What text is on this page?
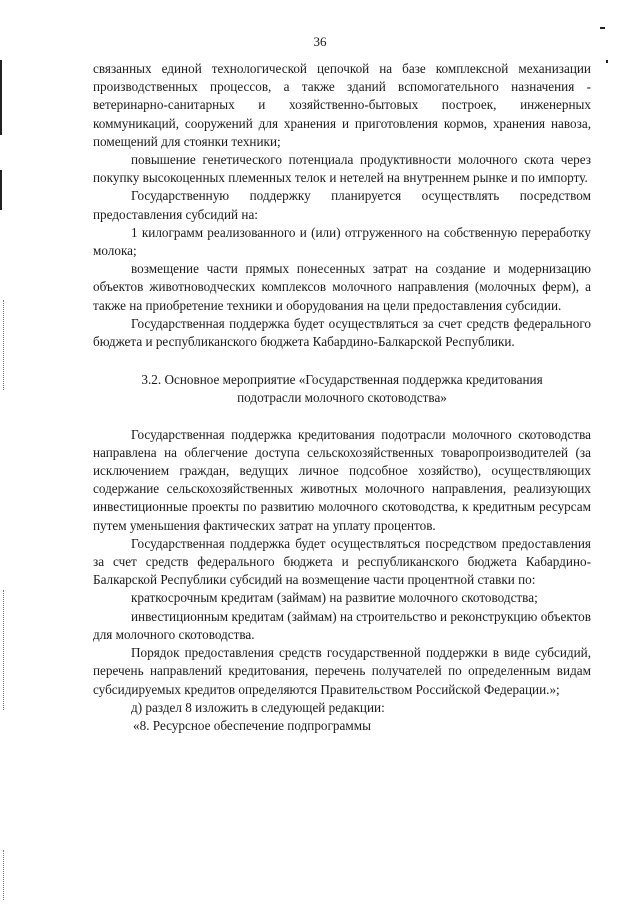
36

связанных единой технологической цепочкой на базе комплексной механизации производственных процессов, а также зданий вспомогательного назначения - ветеринарно-санитарных и хозяйственно-бытовых построек, инженерных коммуникаций, сооружений для хранения и приготовления кормов, хранения навоза, помещений для стоянки техники;

повышение генетического потенциала продуктивности молочного скота через покупку высокоценных племенных телок и нетелей на внутреннем рынке и по импорту.

Государственную поддержку планируется осуществлять посредством предоставления субсидий на:

1 килограмм реализованного и (или) отгруженного на собственную переработку молока;

возмещение части прямых понесенных затрат на создание и модернизацию объектов животноводческих комплексов молочного направления (молочных ферм), а также на приобретение техники и оборудования на цели предоставления субсидии.

Государственная поддержка будет осуществляться за счет средств федерального бюджета и республиканского бюджета Кабардино-Балкарской Республики.

3.2. Основное мероприятие «Государственная поддержка кредитования
подотрасли молочного скотоводства»

Государственная поддержка кредитования подотрасли молочного скотоводства направлена на облегчение доступа сельскохозяйственных товаропроизводителей (за исключением граждан, ведущих личное подсобное хозяйство), осуществляющих содержание сельскохозяйственных животных молочного направления, реализующих инвестиционные проекты по развитию молочного скотоводства, к кредитным ресурсам путем уменьшения фактических затрат на уплату процентов.

Государственная поддержка будет осуществляться посредством предоставления за счет средств федерального бюджета и республиканского бюджета Кабардино-Балкарской Республики субсидий на возмещение части процентной ставки по:

краткосрочным кредитам (займам) на развитие молочного скотоводства;

инвестиционным кредитам (займам) на строительство и реконструкцию объектов для молочного скотоводства.

Порядок предоставления средств государственной поддержки в виде субсидий, перечень направлений кредитования, перечень получателей по определенным видам субсидируемых кредитов определяются Правительством Российской Федерации.»;

д) раздел 8 изложить в следующей редакции:

«8. Ресурсное обеспечение подпрограммы
